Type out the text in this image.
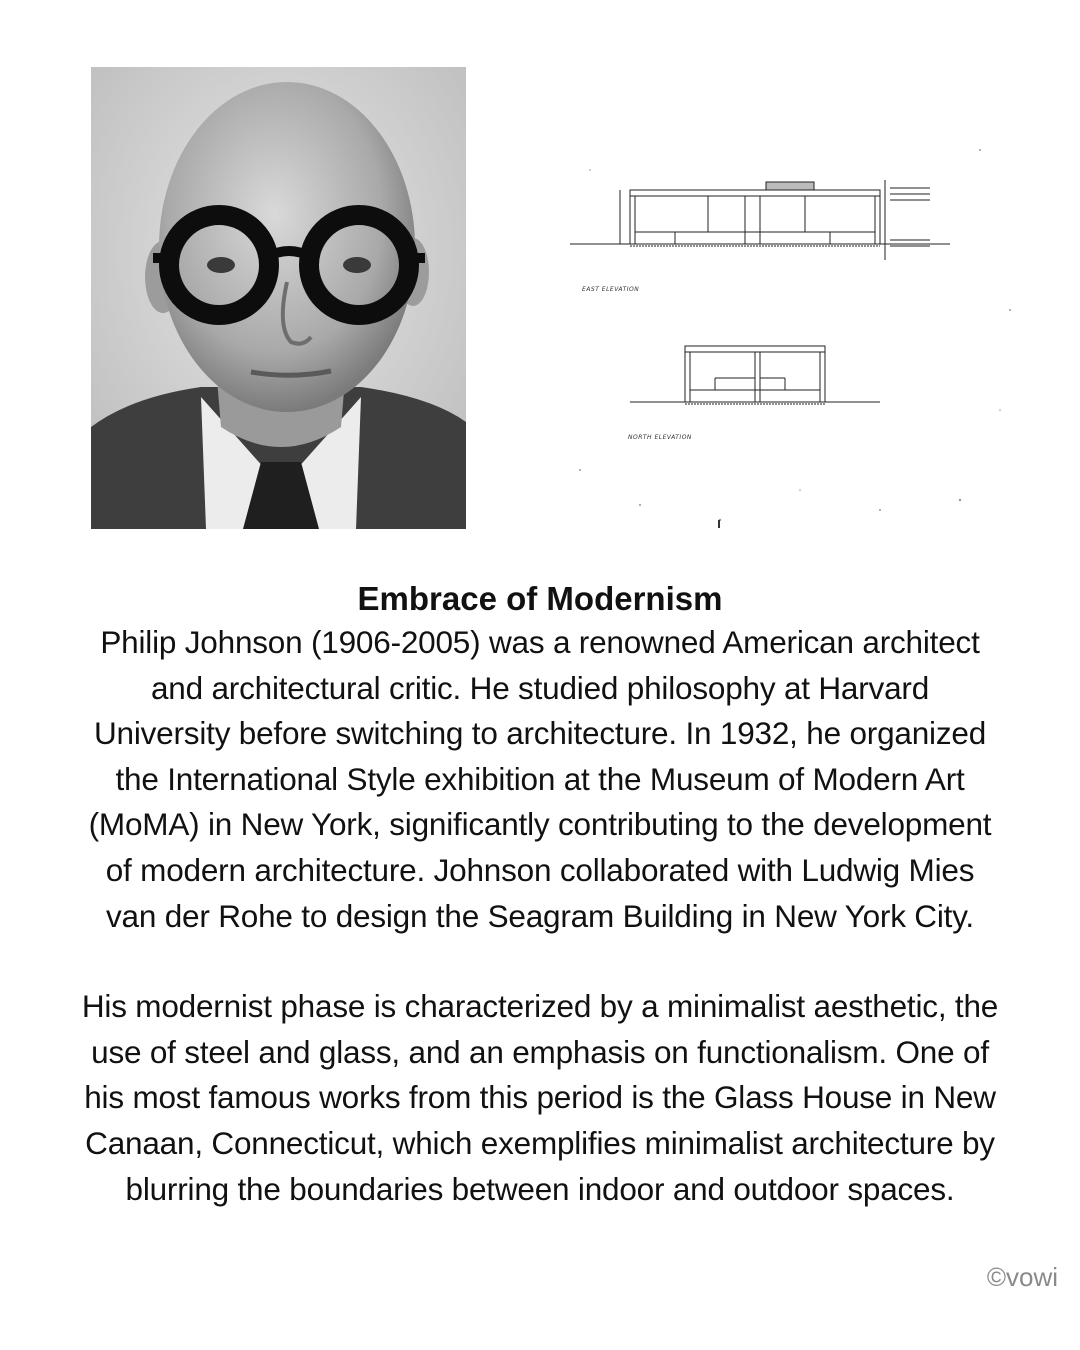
EAST ELEVATION
NORTH ELEVATION
Embrace of Modernism

Philip Johnson (1906-2005) was a renowned American architect and architectural critic. He studied philosophy at Harvard University before switching to architecture. In 1932, he organized the International Style exhibition at the Museum of Modern Art (MoMA) in New York, significantly contributing to the development of modern architecture. Johnson collaborated with Ludwig Mies van der Rohe to design the Seagram Building in New York City.

His modernist phase is characterized by a minimalist aesthetic, the use of steel and glass, and an emphasis on functionalism. One of his most famous works from this period is the Glass House in New Canaan, Connecticut, which exemplifies minimalist architecture by blurring the boundaries between indoor and outdoor spaces.

©vowi
